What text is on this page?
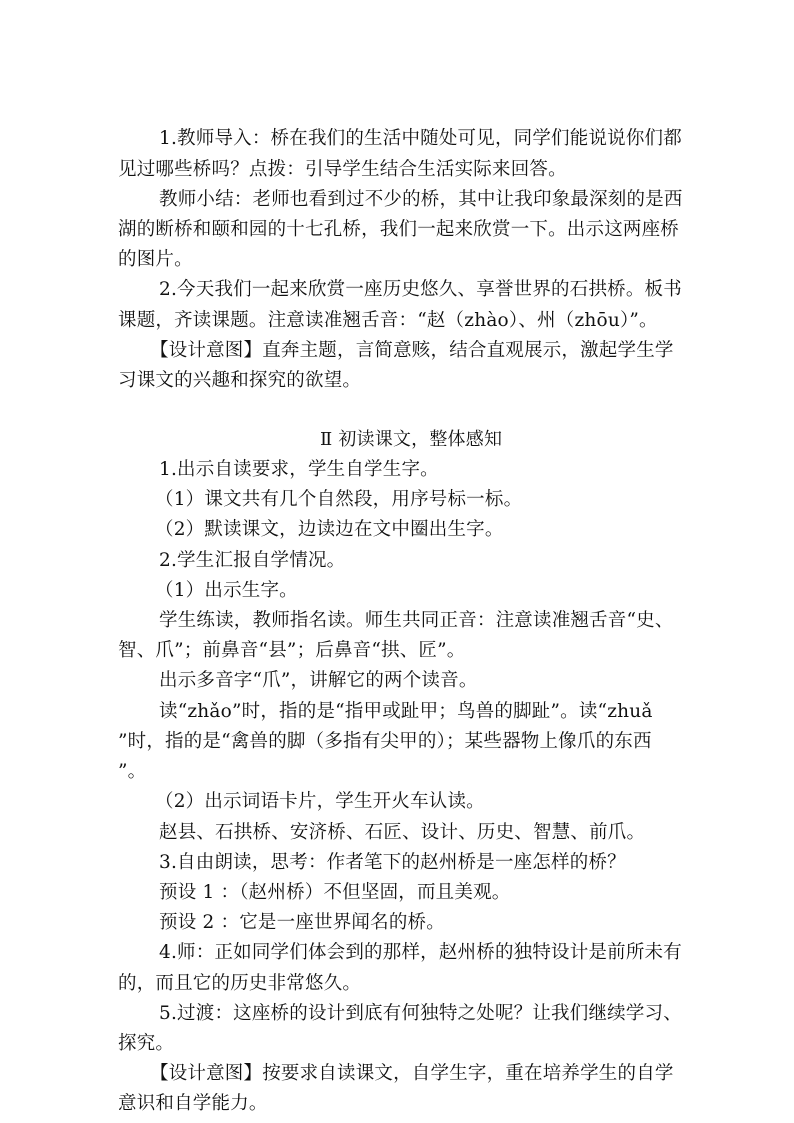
1.教师导入：桥在我们的生活中随处可见，同学们能说说你们都
见过哪些桥吗？点拨：引导学生结合生活实际来回答。
教师小结：老师也看到过不少的桥，其中让我印象最深刻的是西
湖的断桥和颐和园的十七孔桥，我们一起来欣赏一下。出示这两座桥
的图片。
2.今天我们一起来欣赏一座历史悠久、享誉世界的石拱桥。板书
课题，齐读课题。注意读准翘舌音：“赵（zhào）、州（zhōu）”。
【设计意图】直奔主题，言简意赅，结合直观展示，激起学生学
习课文的兴趣和探究的欲望。
Ⅱ 初读课文，整体感知
1.出示自读要求，学生自学生字。
（1）课文共有几个自然段，用序号标一标。
（2）默读课文，边读边在文中圈出生字。
2.学生汇报自学情况。
（1）出示生字。
学生练读，教师指名读。师生共同正音：注意读准翘舌音“史、
智、爪”；前鼻音“县”；后鼻音“拱、匠”。
出示多音字“爪”，讲解它的两个读音。
读“zhǎo”时，指的是“指甲或趾甲；鸟兽的脚趾”。读“zhuǎ
”时，指的是“禽兽的脚（多指有尖甲的）；某些器物上像爪的东西
”。
（2）出示词语卡片，学生开火车认读。
赵县、石拱桥、安济桥、石匠、设计、历史、智慧、前爪。
3.自由朗读，思考：作者笔下的赵州桥是一座怎样的桥？
预设 1 ：（赵州桥）不但坚固，而且美观。
预设 2 ：它是一座世界闻名的桥。
4.师：正如同学们体会到的那样，赵州桥的独特设计是前所未有
的，而且它的历史非常悠久。
5.过渡：这座桥的设计到底有何独特之处呢？让我们继续学习、
探究。
【设计意图】按要求自读课文，自学生字，重在培养学生的自学
意识和自学能力。
